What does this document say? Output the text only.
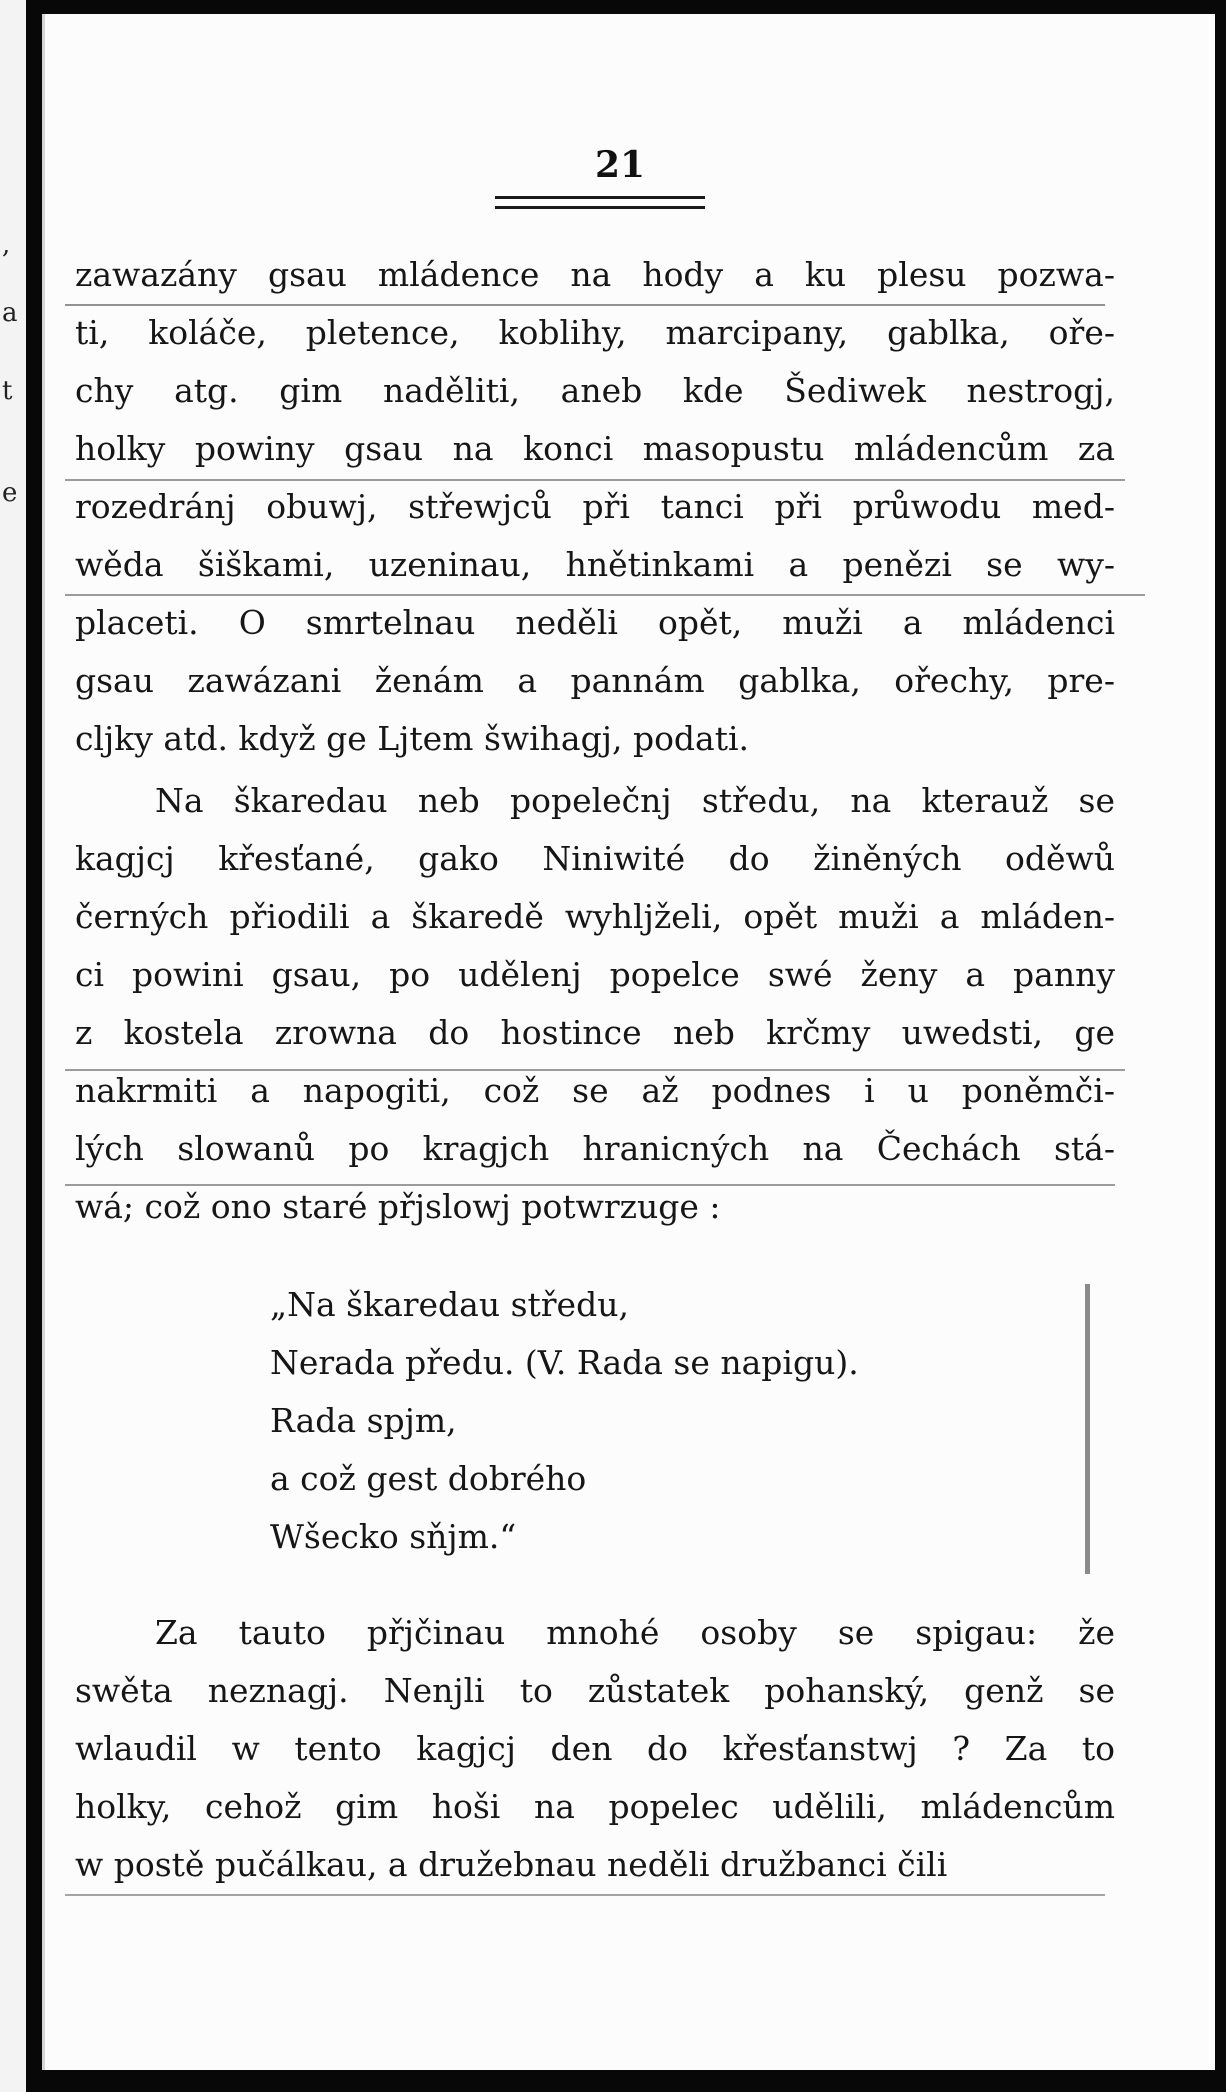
,
a
t
e
21
zawazány gsau mládence na hody a ku plesu pozwa-
ti, koláče, pletence, koblihy, marcipany, gablka, oře-
chy atg. gim naděliti, aneb kde Šediwek nestrogj,
holky powiny gsau na konci masopustu mládencům za
rozedránj obuwj, střewjců při tanci při průwodu med-
wěda šiškami, uzeninau, hnětinkami a penězi se wy-
placeti. O smrtelnau neděli opět, muži a mládenci
gsau zawázani ženám a pannám gablka, ořechy, pre-
cljky atd. když ge Ljtem šwihagj, podati.
Na škaredau neb popelečnj středu, na kterauž se
kagjcj křesťané, gako Niniwité do žiněných oděwů
černých přiodili a škaredě wyhljželi, opět muži a mláden-
ci powini gsau, po udělenj popelce swé ženy a panny
z kostela zrowna do hostince neb krčmy uwedsti, ge
nakrmiti a napogiti, což se až podnes i u poněmči-
lých slowanů po kragjch hranicných na Čechách stá-
wá; což ono staré přjslowj potwrzuge :
„Na škaredau středu,
Nerada předu. (V. Rada se napigu).
Rada spjm,
a což gest dobrého
Wšecko sňjm.“
Za tauto přjčinau mnohé osoby se spigau: že
swěta neznagj. Nenjli to zůstatek pohanský, genž se
wlaudil w tento kagjcj den do křesťanstwj ? Za to
holky, cehož gim hoši na popelec udělili, mládencům
w postě pučálkau, a družebnau neděli družbanci čili
